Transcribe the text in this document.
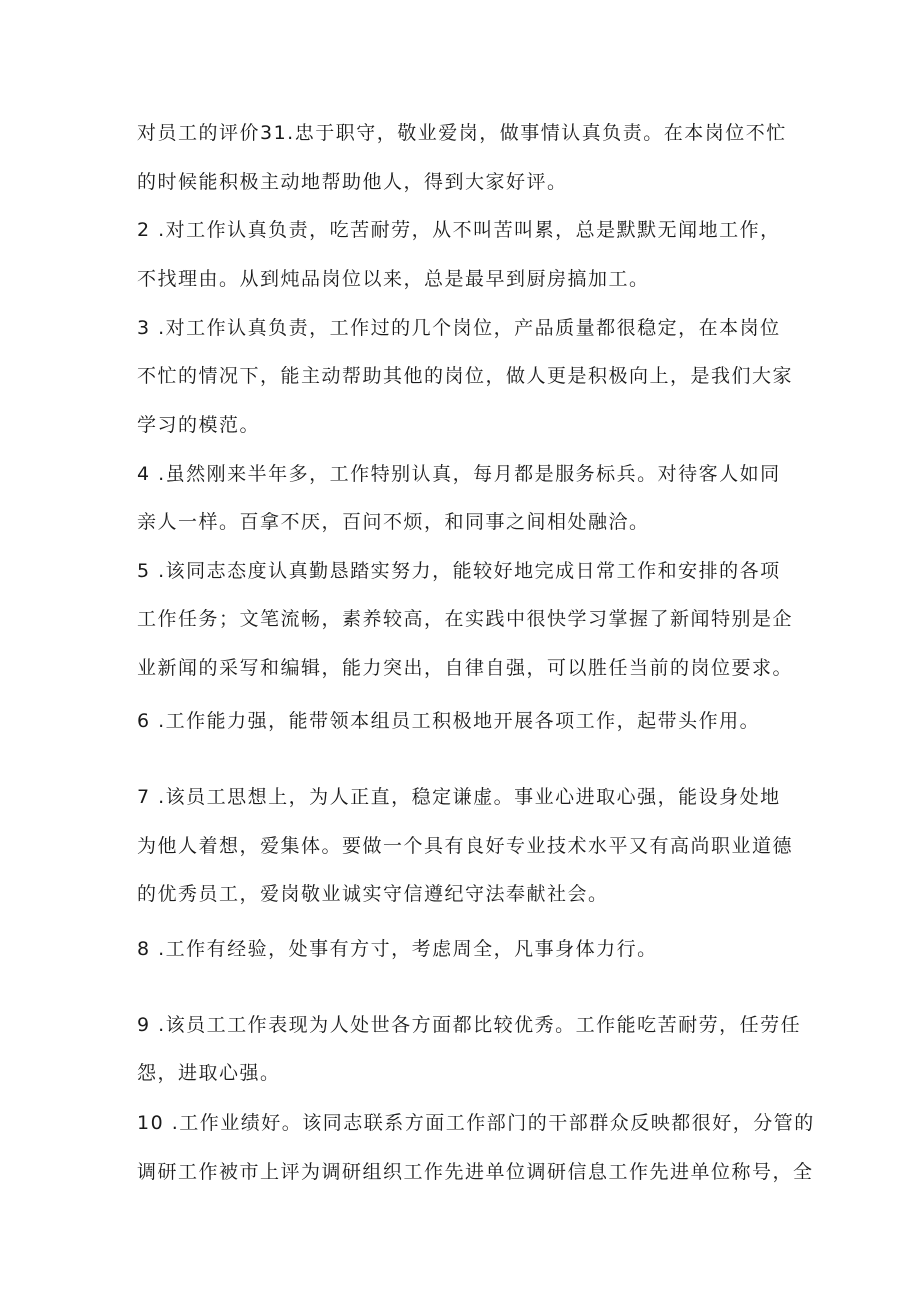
对员工的评价31.忠于职守，敬业爱岗，做事情认真负责。在本岗位不忙
的时候能积极主动地帮助他人，得到大家好评。
2 .对工作认真负责，吃苦耐劳，从不叫苦叫累，总是默默无闻地工作，
不找理由。从到炖品岗位以来，总是最早到厨房搞加工。
3 .对工作认真负责，工作过的几个岗位，产品质量都很稳定，在本岗位
不忙的情况下，能主动帮助其他的岗位，做人更是积极向上，是我们大家
学习的模范。
4 .虽然刚来半年多，工作特别认真，每月都是服务标兵。对待客人如同
亲人一样。百拿不厌，百问不烦，和同事之间相处融洽。
5 .该同志态度认真勤恳踏实努力，能较好地完成日常工作和安排的各项
工作任务；文笔流畅，素养较高，在实践中很快学习掌握了新闻特别是企
业新闻的采写和编辑，能力突出，自律自强，可以胜任当前的岗位要求。
6 .工作能力强，能带领本组员工积极地开展各项工作，起带头作用。
7 .该员工思想上，为人正直，稳定谦虚。事业心进取心强，能设身处地
为他人着想，爱集体。要做一个具有良好专业技术水平又有高尚职业道德
的优秀员工，爱岗敬业诚实守信遵纪守法奉献社会。
8 .工作有经验，处事有方寸，考虑周全，凡事身体力行。
9 .该员工工作表现为人处世各方面都比较优秀。工作能吃苦耐劳，任劳任
怨，进取心强。
10 .工作业绩好。该同志联系方面工作部门的干部群众反映都很好，分管的
调研工作被市上评为调研组织工作先进单位调研信息工作先进单位称号，全
